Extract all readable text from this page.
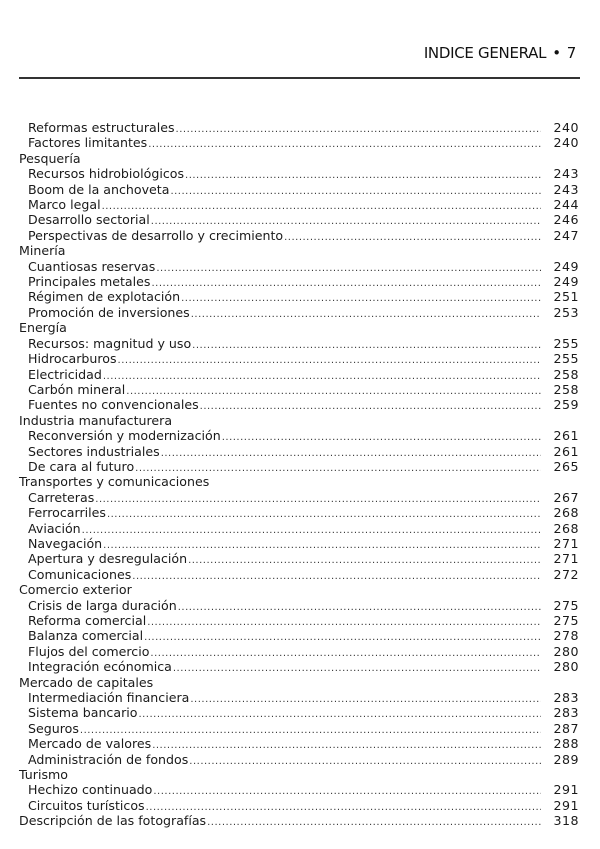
INDICE GENERAL • 7
Reformas estructurales .....	240
Factores limitantes .....	240
Pesquería
Recursos hidrobiológicos .....	243
Boom de la anchoveta .....	243
Marco legal .....	244
Desarrollo sectorial .....	246
Perspectivas de desarrollo y crecimiento .....	247
Minería
Cuantiosas reservas .....	249
Principales metales .....	249
Régimen de explotación .....	251
Promoción de inversiones .....	253
Energía
Recursos: magnitud y uso .....	255
Hidrocarburos .....	255
Electricidad .....	258
Carbón mineral .....	258
Fuentes no convencionales .....	259
Industria manufacturera
Reconversión y modernización .....	261
Sectores industriales .....	261
De cara al futuro .....	265
Transportes y comunicaciones
Carreteras .....	267
Ferrocarriles .....	268
Aviación .....	268
Navegación .....	271
Apertura y desregulación .....	271
Comunicaciones .....	272
Comercio exterior
Crisis de larga duración .....	275
Reforma comercial .....	275
Balanza comercial .....	278
Flujos del comercio .....	280
Integración ecónomica .....	280
Mercado de capitales
Intermediación financiera .....	283
Sistema bancario .....	283
Seguros .....	287
Mercado de valores .....	288
Administración de fondos .....	289
Turismo
Hechizo continuado .....	291
Circuitos turísticos .....	291
Descripción de las fotografías .....	318
